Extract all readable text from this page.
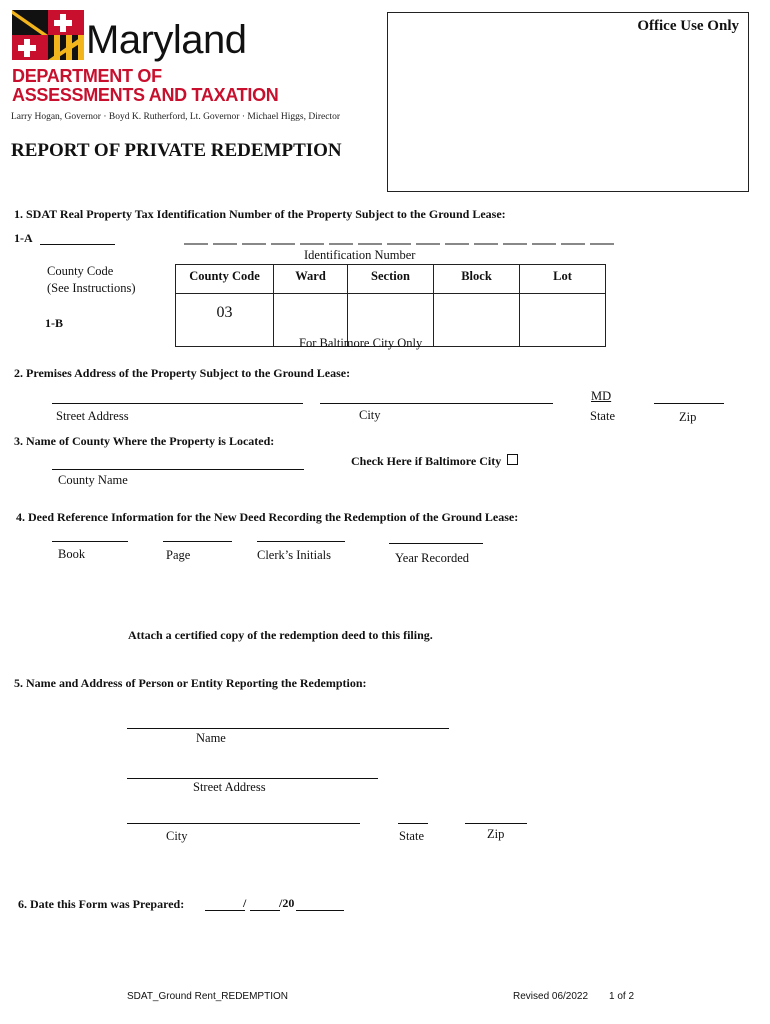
Maryland
DEPARTMENT OF
ASSESSMENTS AND TAXATION
Larry Hogan, Governor · Boyd K. Rutherford, Lt. Governor · Michael Higgs, Director
Office Use Only
REPORT OF PRIVATE REDEMPTION
1. SDAT Real Property Tax Identification Number of the Property Subject to the Ground Lease:
1-A
Identification Number
County Code
(See Instructions)
1-B
County Code	Ward	Section	Block	Lot
03				
For Baltimore City Only
2. Premises Address of the Property Subject to the Ground Lease:
MD
Street Address	City	State	Zip
3. Name of County Where the Property is Located:
Check Here if Baltimore City
County Name
4. Deed Reference Information for the New Deed Recording the Redemption of the Ground Lease:
Book	Page	Clerk’s Initials	Year Recorded
Attach a certified copy of the redemption deed to this filing.
5. Name and Address of Person or Entity Reporting the Redemption:
Name
Street Address
City	State	Zip
6. Date this Form was Prepared:	/	/20
SDAT_Ground Rent_REDEMPTION	Revised 06/2022 1 of 2
